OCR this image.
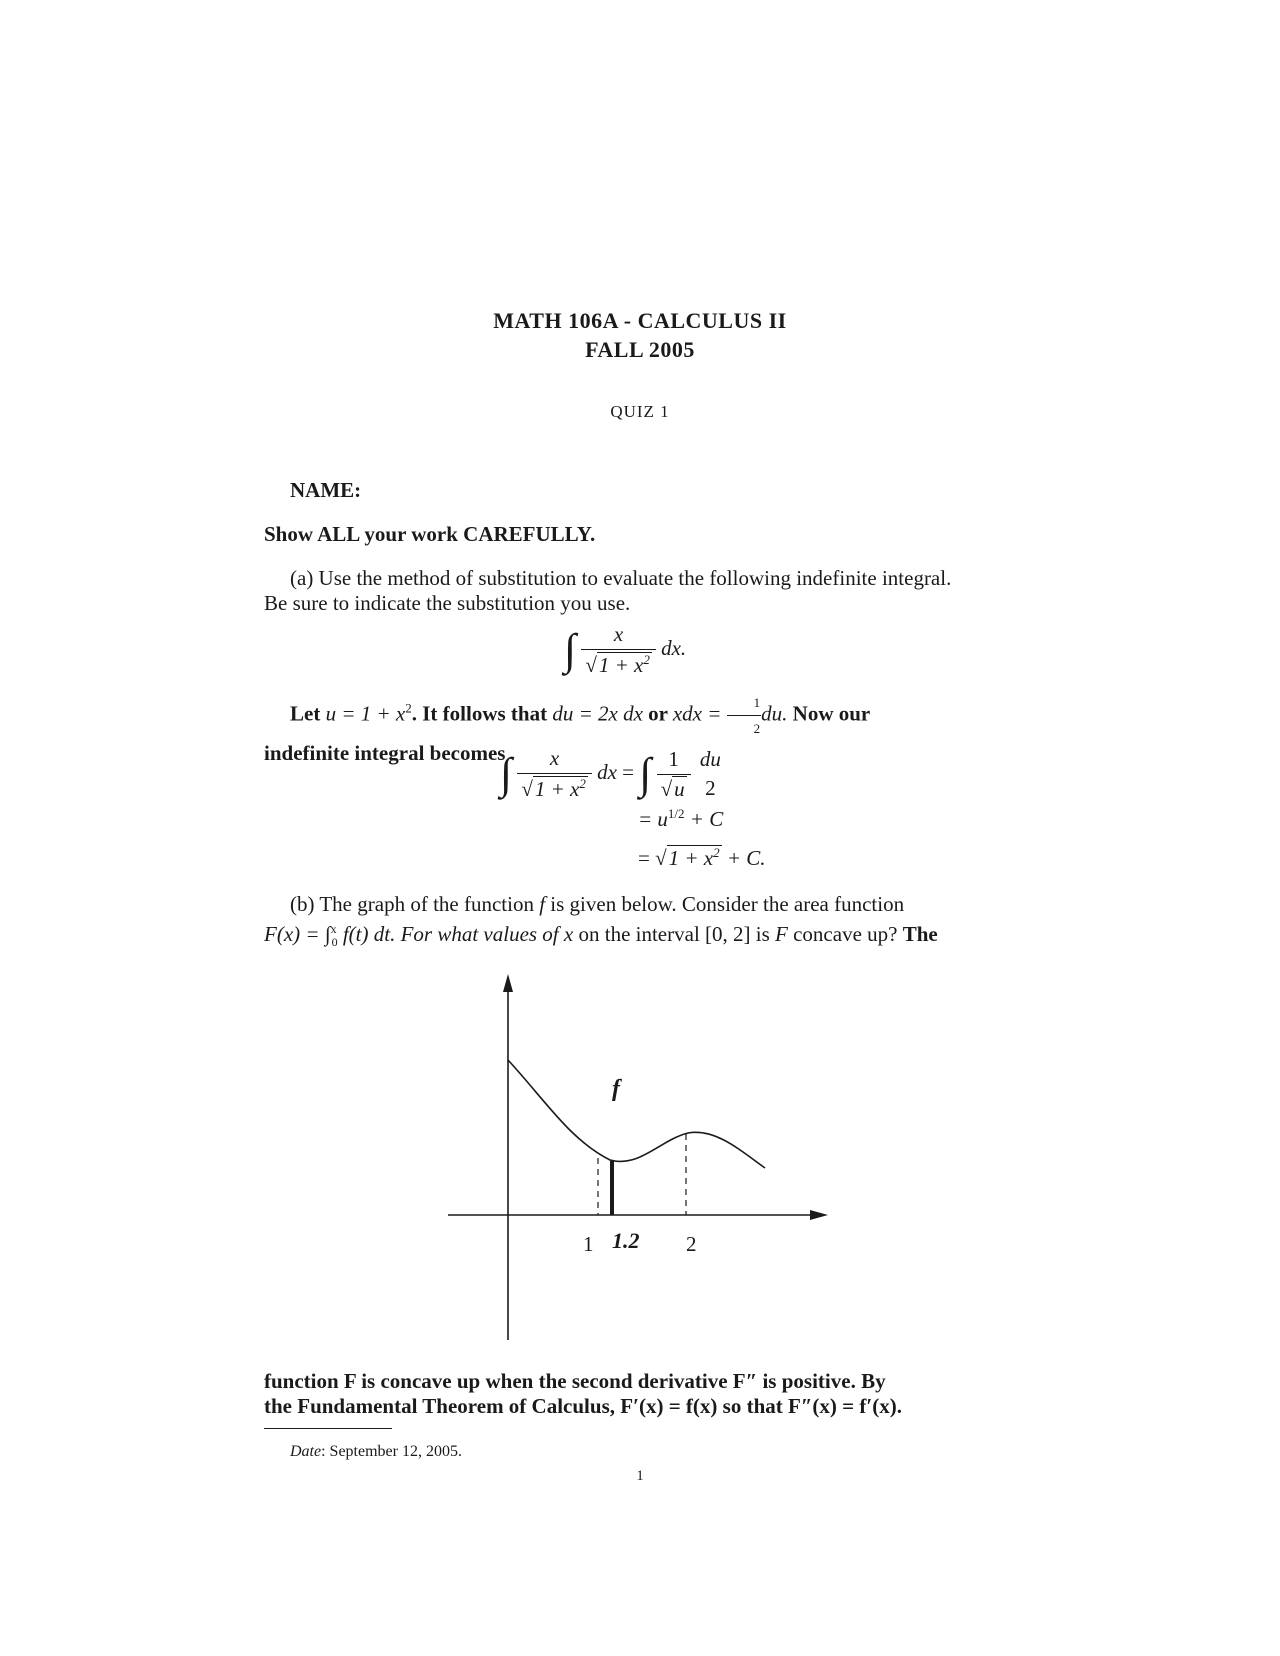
MATH 106A - CALCULUS II
FALL 2005
QUIZ 1
NAME:
Show ALL your work CAREFULLY.
(a) Use the method of substitution to evaluate the following indefinite integral.
Be sure to indicate the substitution you use.
∫ $\frac{x}{√1 + x^2}$ dx.
Let $u = 1 + x^2$. It follows that du = 2x dx or xdx = $\frac{1}{2}$ du. Now our
indefinite integral becomes
∫ $\frac{x}{√1 + x^2}$ dx = ∫ $\frac{1}{√u}$
du
2
= $u^{1/2} + C$
= $√1 + x^2 + C$.
(b) The graph of the function f is given below. Consider the area function
F(x) = ∫$^x_0$ f(t) dt. For what values of x on the interval [0, 2] is F concave up? The
f
1 1.2 2
function F is concave up when the second derivative F″ is positive. By
the Fundamental Theorem of Calculus, F′(x) = f(x) so that F″(x) = f′(x).
Date: September 12, 2005.
1
